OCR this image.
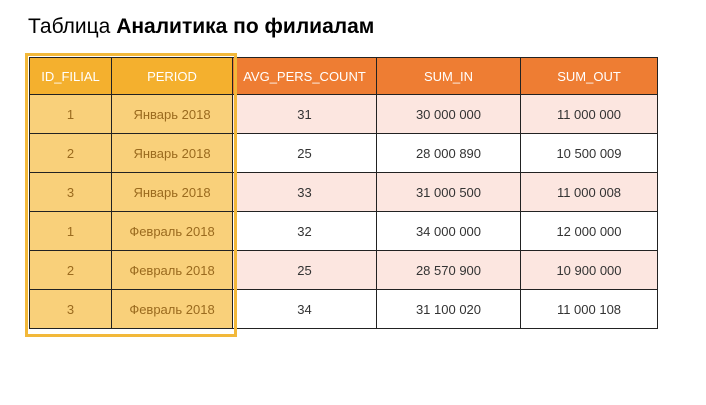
Таблица Аналитика по филиалам
ID_FILIAL	PERIOD	AVG_PERS_COUNT	SUM_IN	SUM_OUT
1	Январь 2018	31	30 000 000	11 000 000
2	Январь 2018	25	28 000 890	10 500 009
3	Январь 2018	33	31 000 500	11 000 008
1	Февраль 2018	32	34 000 000	12 000 000
2	Февраль 2018	25	28 570 900	10 900 000
3	Февраль 2018	34	31 100 020	11 000 108
